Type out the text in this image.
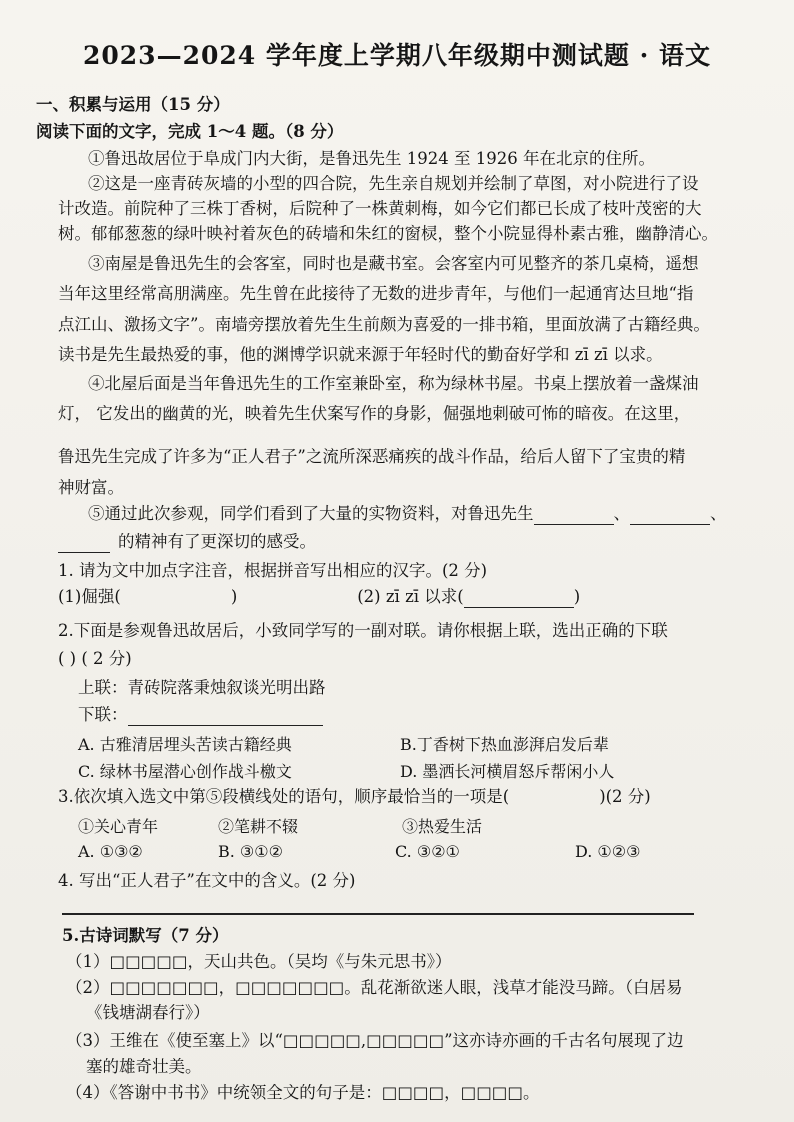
2023—2024 学年度上学期八年级期中测试题 · 语文
一、积累与运用（15 分）
阅读下面的文字，完成 1～4 题。（8 分）
①鲁迅故居位于阜成门内大街，是鲁迅先生 1924 至 1926 年在北京的住所。
②这是一座青砖灰墙的小型的四合院，先生亲自规划并绘制了草图，对小院进行了设
计改造。前院种了三株丁香树，后院种了一株黄刺梅，如今它们都已长成了枝叶茂密的大
树。郁郁葱葱的绿叶映衬着灰色的砖墙和朱红的窗棂，整个小院显得朴素古雅，幽静清心。
③南屋是鲁迅先生的会客室，同时也是藏书室。会客室内可见整齐的茶几桌椅，遥想
当年这里经常高朋满座。先生曾在此接待了无数的进步青年，与他们一起通宵达旦地“指
点江山、激扬文字”。南墙旁摆放着先生生前颇为喜爱的一排书箱，里面放满了古籍经典。
读书是先生最热爱的事，他的渊博学识就来源于年轻时代的勤奋好学和 zī zī 以求。
④北屋后面是当年鲁迅先生的工作室兼卧室，称为绿林书屋。书桌上摆放着一盏煤油
灯， 它发出的幽黄的光，映着先生伏案写作的身影，倔强地刺破可怖的暗夜。在这里，
鲁迅先生完成了许多为“正人君子”之流所深恶痛疾的战斗作品，给后人留下了宝贵的精
神财富。
⑤通过此次参观，同学们看到了大量的实物资料，对鲁迅先生	、	、
的精神有了更深切的感受。
1. 请为文中加点字注音，根据拼音写出相应的汉字。(2 分)
(1)倔强(	)	(2) zī zī 以求(	)
2.下面是参观鲁迅故居后，小致同学写的一副对联。请你根据上联，选出正确的下联
( ) ( 2 分)
上联：青砖院落秉烛叙谈光明出路
下联：
A. 古雅清居埋头苦读古籍经典	B.丁香树下热血澎湃启发后辈
C. 绿林书屋潜心创作战斗檄文	D. 墨洒长河横眉怒斥帮闲小人
3.依次填入选文中第⑤段横线处的语句，顺序最恰当的一项是(	)(2 分)
①关心青年	②笔耕不辍	③热爱生活
A. ①③②	B. ③①②	C. ③②①	D. ①②③
4. 写出“正人君子”在文中的含义。(2 分)
5.古诗词默写（7 分）
（1）□□□□□，天山共色。（吴均《与朱元思书》）
（2）□□□□□□□，□□□□□□□。乱花渐欲迷人眼，浅草才能没马蹄。（白居易
《钱塘湖春行》）
（3）王维在《使至塞上》以“□□□□□,□□□□□”这亦诗亦画的千古名句展现了边
塞的雄奇壮美。
（4）《答谢中书书》中统领全文的句子是：□□□□，□□□□。
